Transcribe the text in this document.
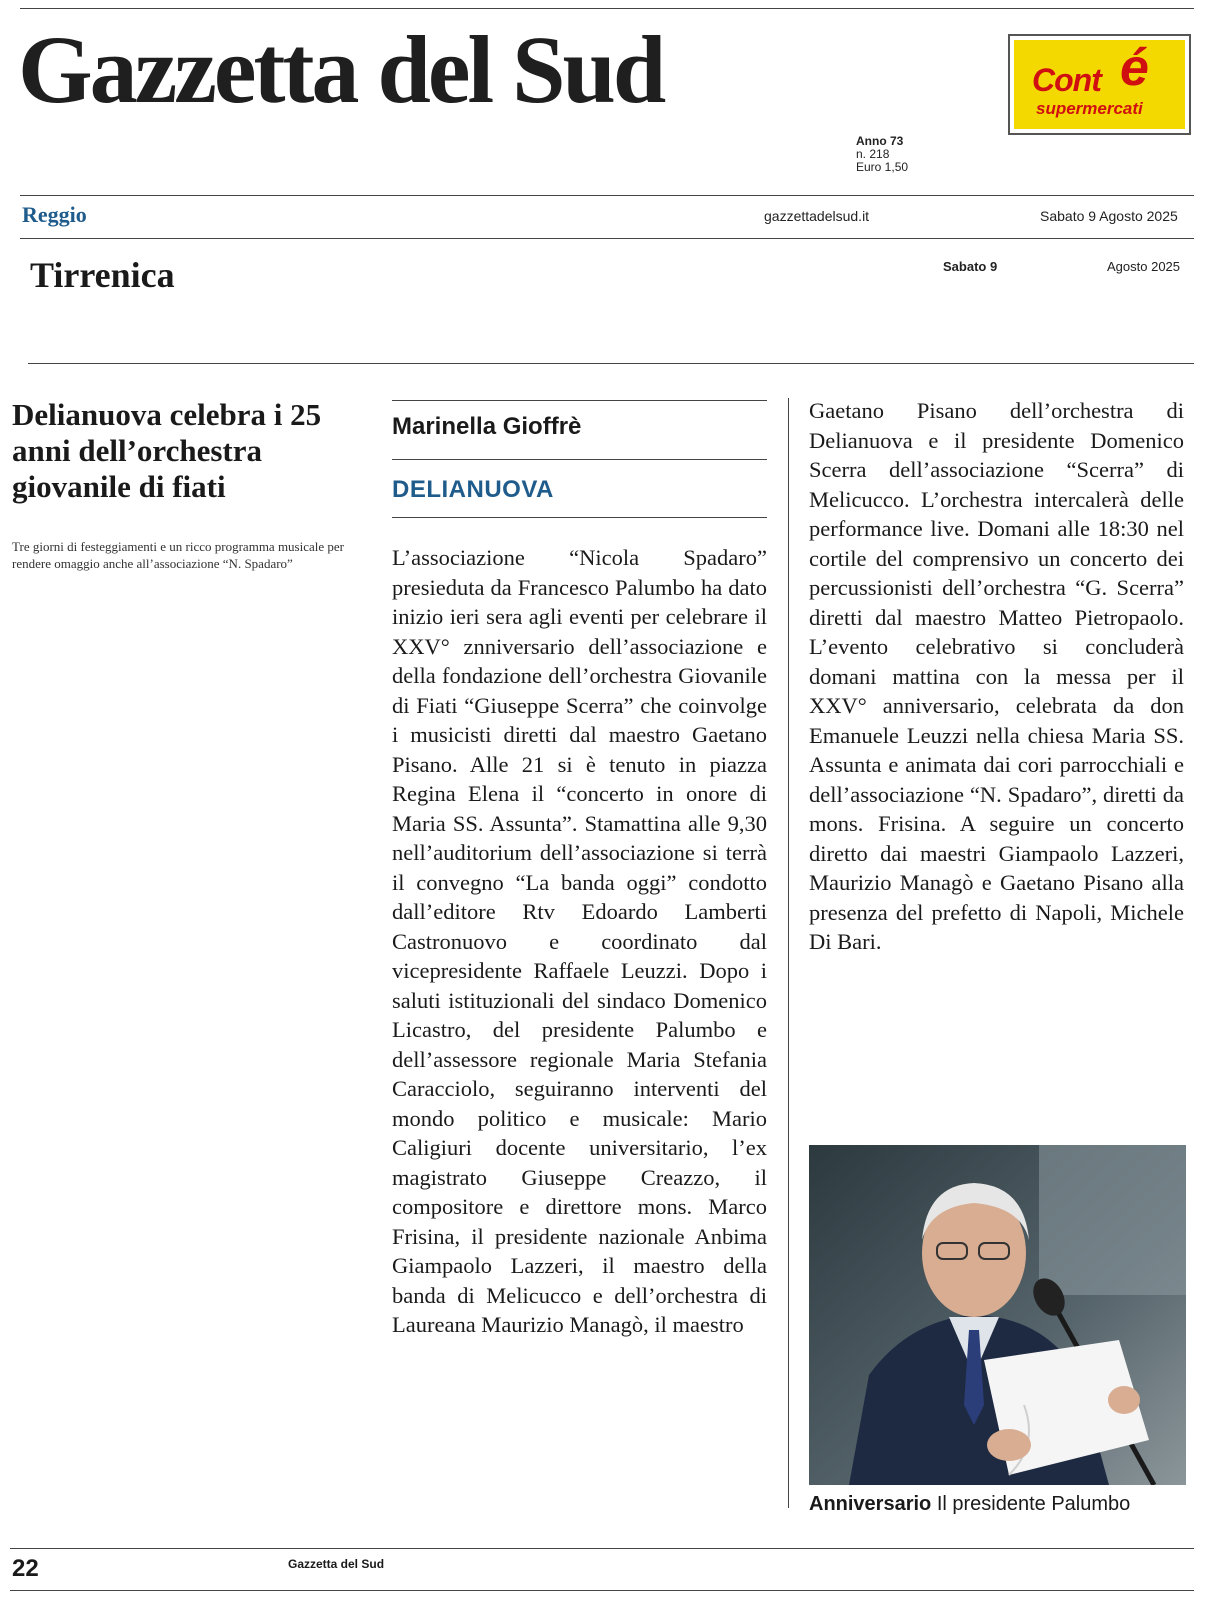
Gazzetta del Sud
Anno 73
n. 218
Euro 1,50
Cont é
supermercati
Reggio	gazzettadelsud.it	Sabato 9 Agosto 2025
Tirrenica	Sabato 9	Agosto 2025
Delianuova celebra i 25 anni dell’orchestra giovanile di fiati
Tre giorni di festeggiamenti e un ricco programma musicale per rendere omaggio anche all’associazione “N. Spadaro”
Marinella Gioffrè
DELIANUOVA
L’associazione “Nicola Spadaro” presieduta da Francesco Palumbo ha dato inizio ieri sera agli eventi per celebrare il XXV° znniversario dell’associazione e della fondazione dell’orchestra Giovanile di Fiati “Giuseppe Scerra” che coinvolge i musicisti diretti dal maestro Gaetano Pisano. Alle 21 si è tenuto in piazza Regina Elena il “concerto in onore di Maria SS. Assunta”. Stamattina alle 9,30 nell’auditorium dell’associazione si terrà il convegno “La banda oggi” condotto dall’editore Rtv Edoardo Lamberti Castronuovo e coordinato dal vicepresidente Raffaele Leuzzi. Dopo i saluti istituzionali del sindaco Domenico Licastro, del presidente Palumbo e dell’assessore regionale Maria Stefania Caracciolo, seguiranno interventi del mondo politico e musicale: Mario Caligiuri docente universitario, l’ex magistrato Giuseppe Creazzo, il compositore e direttore mons. Marco Frisina, il presidente nazionale Anbima Giampaolo Lazzeri, il maestro della banda di Melicucco e dell’orchestra di Laureana Maurizio Managò, il maestro
Gaetano Pisano dell’orchestra di Delianuova e il presidente Domenico Scerra dell’associazione “Scerra” di Melicucco. L’orchestra intercalerà delle performance live. Domani alle 18:30 nel cortile del comprensivo un concerto dei percussionisti dell’orchestra “G. Scerra” diretti dal maestro Matteo Pietropaolo. L’evento celebrativo si concluderà domani mattina con la messa per il XXV° anniversario, celebrata da don Emanuele Leuzzi nella chiesa Maria SS. Assunta e animata dai cori parrocchiali e dell’associazione “N. Spadaro”, diretti da mons. Frisina. A seguire un concerto diretto dai maestri Giampaolo Lazzeri, Maurizio Managò e Gaetano Pisano alla presenza del prefetto di Napoli, Michele Di Bari.
Anniversario Il presidente Palumbo
22	Gazzetta del Sud
